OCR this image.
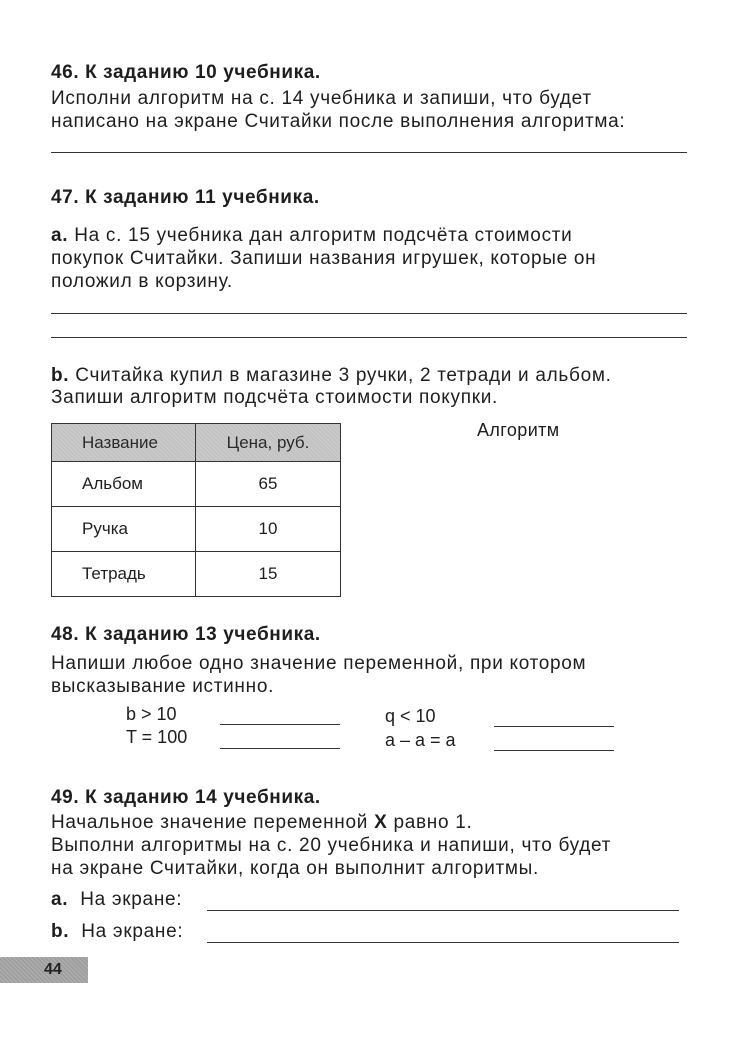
46. К заданию 10 учебника.
Исполни алгоритм на с. 14 учебника и запиши, что будет
написано на экране Считайки после выполнения алгоритма:
47. К заданию 11 учебника.
a. На с. 15 учебника дан алгоритм подсчёта стоимости
покупок Считайки. Запиши названия игрушек, которые он
положил в корзину.
b. Считайка купил в магазине 3 ручки, 2 тетради и альбом.
Запиши алгоритм подсчёта стоимости покупки.
Название	Цена, руб.
Альбом	65
Ручка	10
Тетрадь	15
Алгоритм
48. К заданию 13 учебника.
Напиши любое одно значение переменной, при котором
высказывание истинно.
b > 10
T = 100
q < 10
a – a = a
49. К заданию 14 учебника.
Начальное значение переменной X равно 1.
Выполни алгоритмы на с. 20 учебника и напиши, что будет
на экране Считайки, когда он выполнит алгоритмы.
a. На экране:
b. На экране:
44
